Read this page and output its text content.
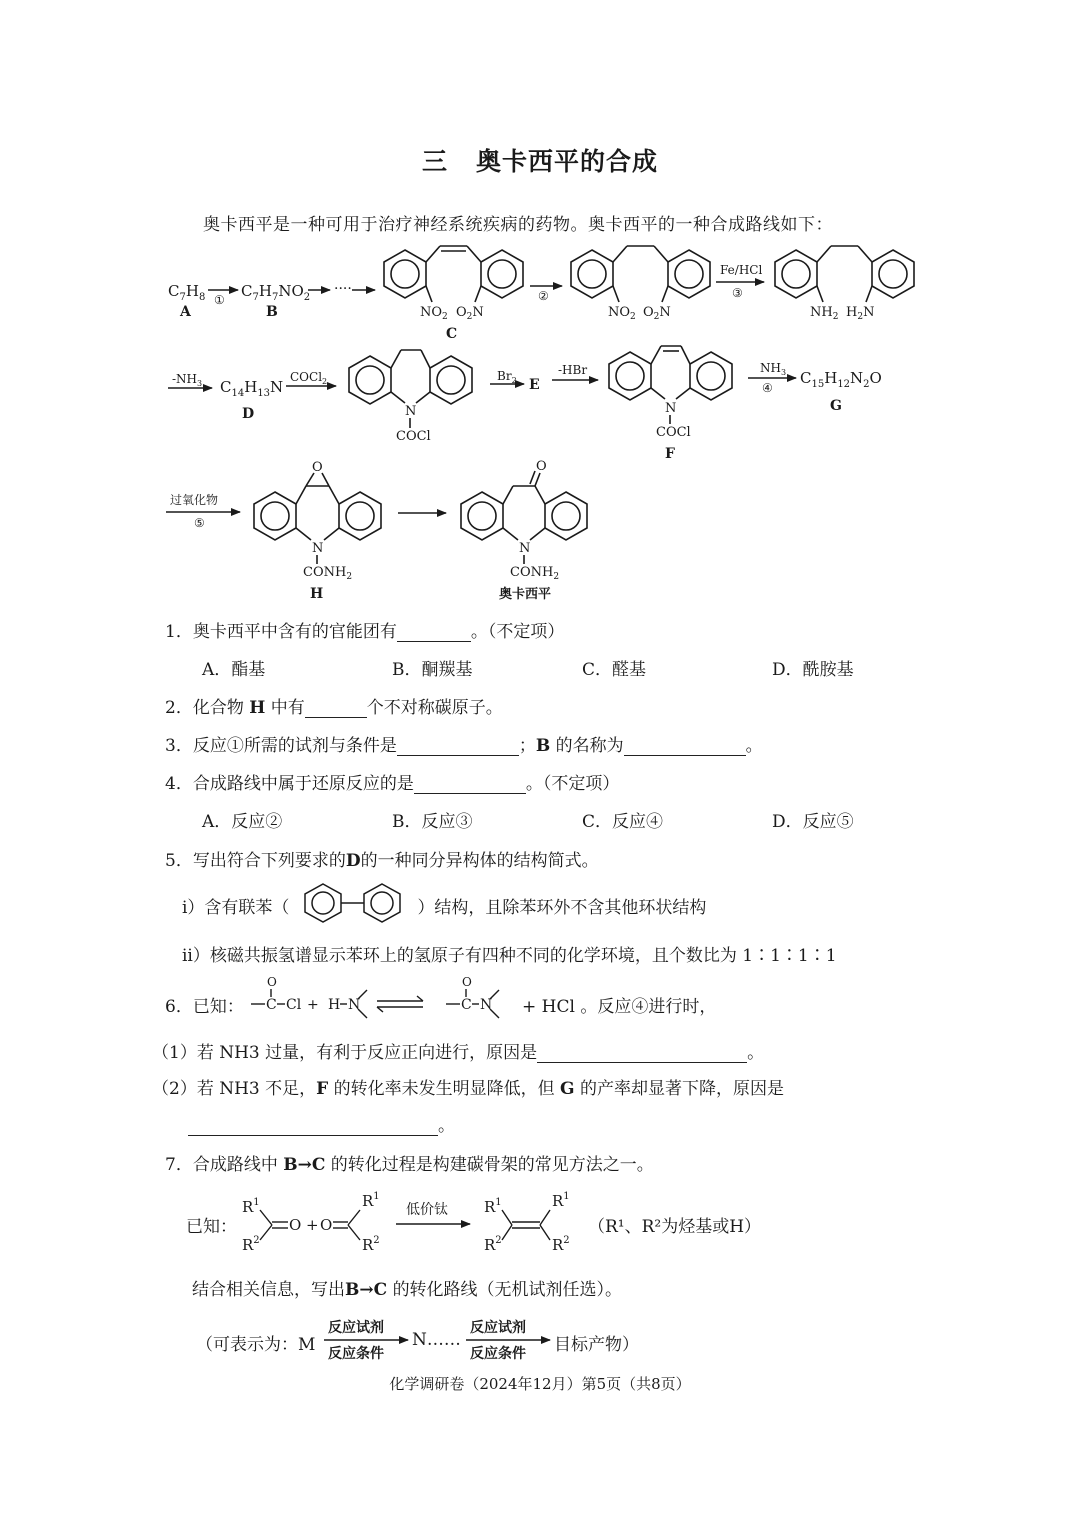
三 奥卡西平的合成
奥卡西平是一种可用于治疗神经系统疾病的药物。奥卡西平的一种合成路线如下：
$C_7H_8$
A
① $C_7H_7NO_2$
B
····
$NO_2$ $O_2N$
C
②
$NO_2$ $O_2N$
Fe/HCl
③
$NH_2$ $H_2N$
$-NH_3$ $C_{14}H_{13}N$
D
COCl$_2$
N
COCl
$Br_2$ E
-HBr
N
COCl
F
$NH_3$
④
$C_{15}H_{12}N_2O$
G
过氧化物
⑤
O
N
$CONH_2$
H
O
N
$CONH_2$
奥卡西平
1．奥卡西平中含有的官能团有	。（不定项）
A．酯基	B．酮羰基	C．醛基	D．酰胺基
2．化合物 H 中有	个不对称碳原子。
3．反应①所需的试剂与条件是	；B 的名称为	。
4．合成路线中属于还原反应的是	。（不定项）
A．反应②	B．反应③	C．反应④	D．反应⑤
5．写出符合下列要求的D的一种同分异构体的结构简式。
i）含有联苯（	）结构，且除苯环外不含其他环状结构
ii）核磁共振氢谱显示苯环上的氢原子有四种不同的化学环境，且个数比为 1∶1∶1∶1
6．已知：
O
C Cl + H N
O
C N + HCl 。反应④进行时，
（1）若 NH3 过量，有利于反应正向进行，原因是	。
（2）若 NH3 不足，F 的转化率未发生明显降低，但 G 的产率却显著下降，原因是
。
7．合成路线中 B→C 的转化过程是构建碳骨架的常见方法之一。
已知：
$R^1$
$R^2$
O + O
$R^1$
$R^2$
低价钛 $R^1$
$R^2$
$R^1$
$R^2$
（R¹、R²为烃基或H）
结合相关信息，写出B→C 的转化路线（无机试剂任选）。
（可表示为：M
反应试剂
反应条件
反应试剂
反应条件
N……	目标产物）
化学调研卷（2024年12月）第5页（共8页）
